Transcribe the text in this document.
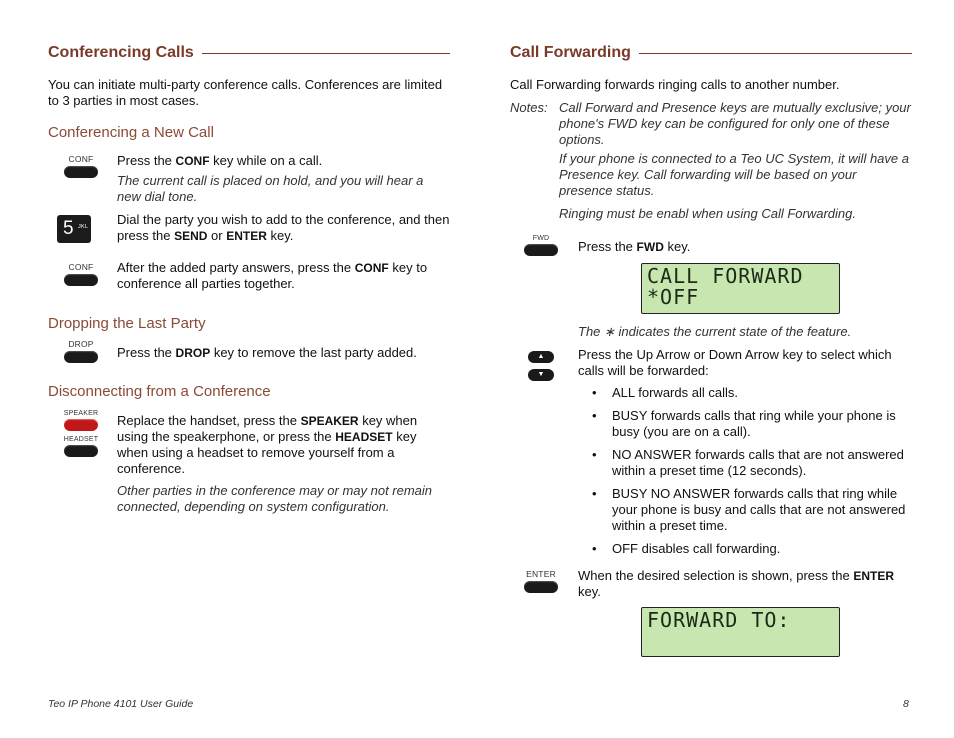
Conferencing Calls
You can initiate multi-party conference calls. Conferences are limited to 3 parties in most cases.
Conferencing a New Call
CONF	Press the CONF key while on a call.
The current call is placed on hold, and you will hear a new dial tone.
5 JKL Dial the party you wish to add to the conference, and then press the SEND or ENTER key.
CONF	After the added party answers, press the CONF key to conference all parties together.
Dropping the Last Party
DROP
Press the DROP key to remove the last party added.
Disconnecting from a Conference
SPEAKER
HEADSET
Replace the handset, press the SPEAKER key when using the speakerphone, or press the HEADSET key when using a headset to remove yourself from a conference.
Other parties in the conference may or may not remain connected, depending on system configuration.
Call Forwarding
Call Forwarding forwards ringing calls to another number.
Notes: Call Forward and Presence keys are mutually exclusive; your phone's FWD key can be configured for only one of these options.
If your phone is connected to a Teo UC System, it will have a Presence key. Call forwarding will be based on your presence status.
Ringing must be enabl when using Call Forwarding.
FWD
Press the FWD key.
CALL FORWARD
*OFF
The ∗ indicates the current state of the feature.
▲
▼
Press the Up Arrow or Down Arrow key to select which calls will be forwarded:
• ALL forwards all calls.
• BUSY forwards calls that ring while your phone is busy (you are on a call).
• NO ANSWER forwards calls that are not answered within a preset time (12 seconds).
• BUSY NO ANSWER forwards calls that ring while your phone is busy and calls that are not answered within a preset time.
• OFF disables call forwarding.
ENTER	When the desired selection is shown, press the ENTER key.
FORWARD TO:
Teo IP Phone 4101 User Guide	8
